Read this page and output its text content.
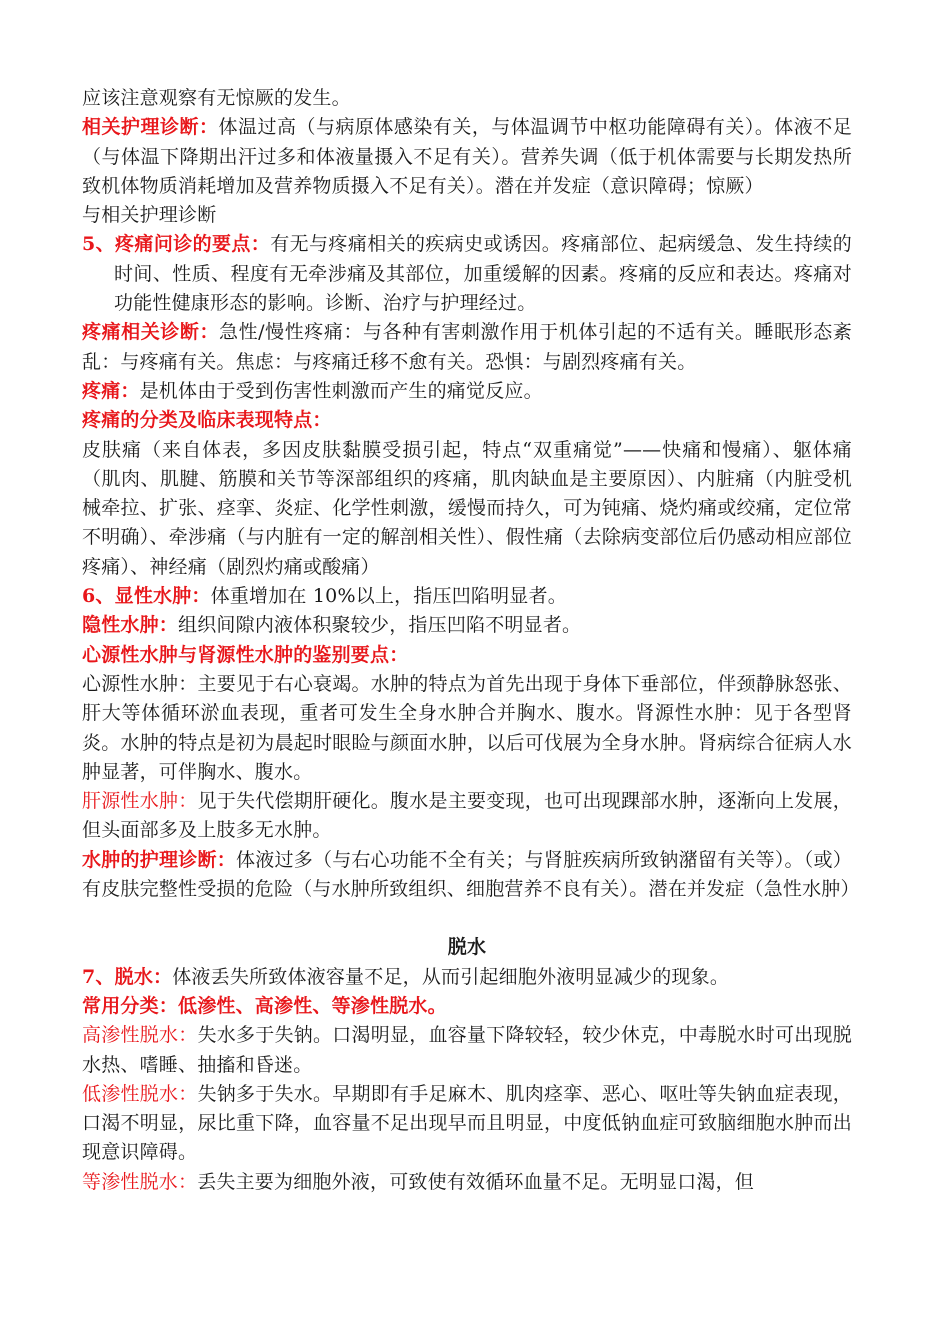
应该注意观察有无惊厥的发生。

相关护理诊断：体温过高（与病原体感染有关，与体温调节中枢功能障碍有关）。体液不足（与体温下降期出汗过多和体液量摄入不足有关）。营养失调（低于机体需要与长期发热所致机体物质消耗增加及营养物质摄入不足有关）。潜在并发症（意识障碍；惊厥）

与相关护理诊断

5、疼痛问诊的要点：有无与疼痛相关的疾病史或诱因。疼痛部位、起病缓急、发生持续的时间、性质、程度有无牵涉痛及其部位，加重缓解的因素。疼痛的反应和表达。疼痛对功能性健康形态的影响。诊断、治疗与护理经过。

疼痛相关诊断：急性/慢性疼痛：与各种有害刺激作用于机体引起的不适有关。睡眠形态紊乱：与疼痛有关。焦虑：与疼痛迁移不愈有关。恐惧：与剧烈疼痛有关。

疼痛：是机体由于受到伤害性刺激而产生的痛觉反应。

疼痛的分类及临床表现特点：

皮肤痛（来自体表，多因皮肤黏膜受损引起，特点“双重痛觉”——快痛和慢痛）、躯体痛（肌肉、肌腱、筋膜和关节等深部组织的疼痛，肌肉缺血是主要原因）、内脏痛（内脏受机械牵拉、扩张、痉挛、炎症、化学性刺激，缓慢而持久，可为钝痛、烧灼痛或绞痛，定位常不明确）、牵涉痛（与内脏有一定的解剖相关性）、假性痛（去除病变部位后仍感动相应部位疼痛）、神经痛（剧烈灼痛或酸痛）

6、显性水肿：体重增加在 10%以上，指压凹陷明显者。

隐性水肿：组织间隙内液体积聚较少，指压凹陷不明显者。

心源性水肿与肾源性水肿的鉴别要点：

心源性水肿：主要见于右心衰竭。水肿的特点为首先出现于身体下垂部位，伴颈静脉怒张、肝大等体循环淤血表现，重者可发生全身水肿合并胸水、腹水。肾源性水肿：见于各型肾炎。水肿的特点是初为晨起时眼睑与颜面水肿，以后可伐展为全身水肿。肾病综合征病人水肿显著，可伴胸水、腹水。

肝源性水肿：见于失代偿期肝硬化。腹水是主要变现，也可出现踝部水肿，逐渐向上发展，但头面部多及上肢多无水肿。

水肿的护理诊断：体液过多（与右心功能不全有关；与肾脏疾病所致钠潴留有关等）。（或）有皮肤完整性受损的危险（与水肿所致组织、细胞营养不良有关）。潜在并发症（急性水肿）

脱水

7、脱水：体液丢失所致体液容量不足，从而引起细胞外液明显减少的现象。

常用分类：低渗性、高渗性、等渗性脱水。

高渗性脱水：失水多于失钠。口渴明显，血容量下降较轻，较少休克，中毒脱水时可出现脱水热、嗜睡、抽搐和昏迷。

低渗性脱水：失钠多于失水。早期即有手足麻木、肌肉痉挛、恶心、呕吐等失钠血症表现，口渴不明显，尿比重下降，血容量不足出现早而且明显，中度低钠血症可致脑细胞水肿而出现意识障碍。

等渗性脱水：丢失主要为细胞外液，可致使有效循环血量不足。无明显口渴，但
